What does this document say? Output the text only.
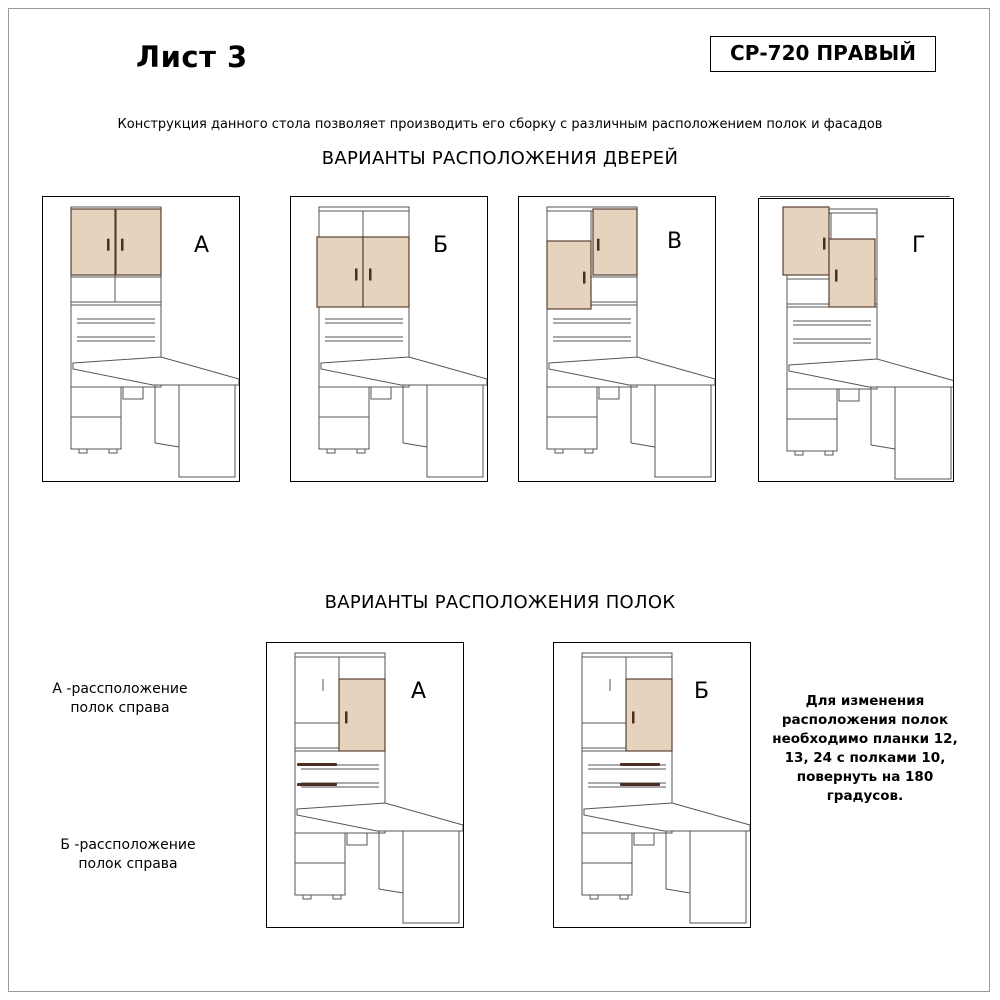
Лист 3	СР-720 ПРАВЫЙ
Конструкция данного стола позволяет производить его сборку с различным расположением полок и фасадов
ВАРИАНТЫ РАСПОЛОЖЕНИЯ ДВЕРЕЙ
А	Б	В	Г
ВАРИАНТЫ РАСПОЛОЖЕНИЯ ПОЛОК
А	Б
А -рассположение
полок справа
Б -рассположение
полок справа
Для изменения расположения полок необходимо планки 12, 13, 24 с полками 10, повернуть на 180 градусов.
